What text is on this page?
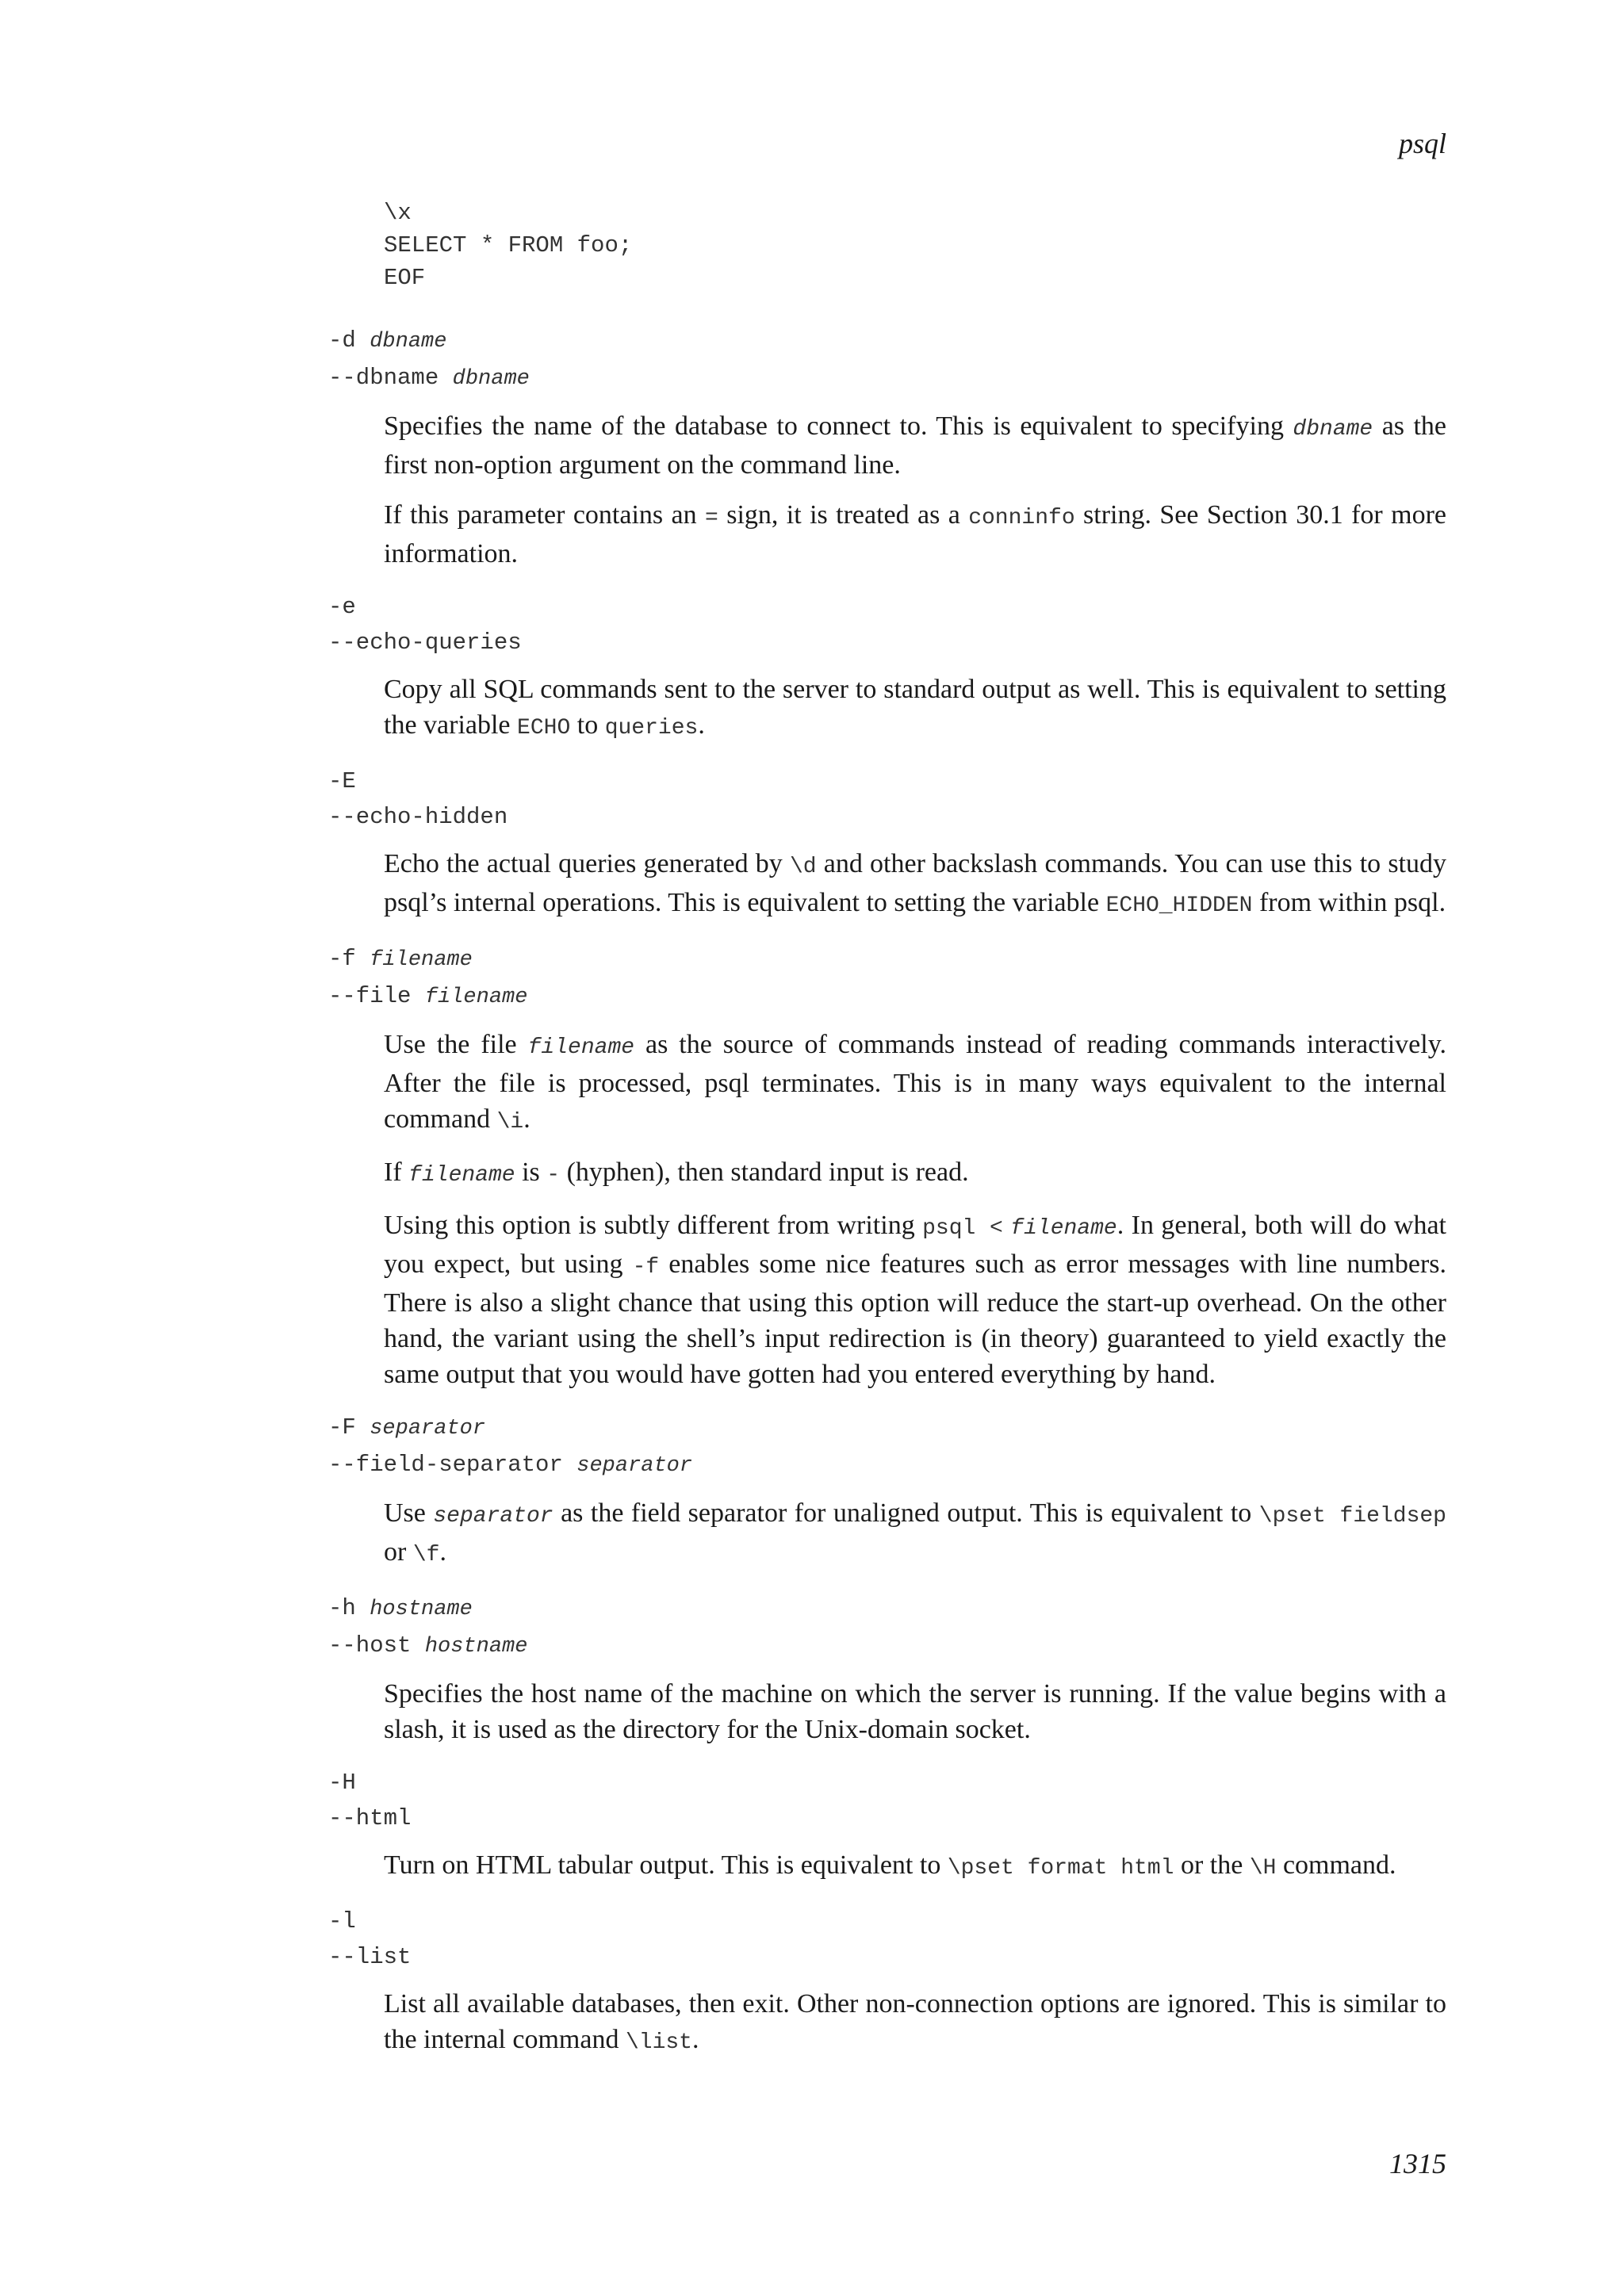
psql
\x
SELECT * FROM foo;
EOF
-d dbname
--dbname dbname

Specifies the name of the database to connect to. This is equivalent to specifying dbname as the first non-option argument on the command line.

If this parameter contains an = sign, it is treated as a conninfo string. See Section 30.1 for more information.

-e
--echo-queries

Copy all SQL commands sent to the server to standard output as well. This is equivalent to setting the variable ECHO to queries.

-E
--echo-hidden

Echo the actual queries generated by \d and other backslash commands. You can use this to study psql’s internal operations. This is equivalent to setting the variable ECHO_HIDDEN from within psql.

-f filename
--file filename

Use the file filename as the source of commands instead of reading commands interactively. After the file is processed, psql terminates. This is in many ways equivalent to the internal command \i.

If filename is - (hyphen), then standard input is read.

Using this option is subtly different from writing psql < filename. In general, both will do what you expect, but using -f enables some nice features such as error messages with line numbers. There is also a slight chance that using this option will reduce the start-up overhead. On the other hand, the variant using the shell’s input redirection is (in theory) guaranteed to yield exactly the same output that you would have gotten had you entered everything by hand.

-F separator
--field-separator separator

Use separator as the field separator for unaligned output. This is equivalent to \pset fieldsep or \f.

-h hostname
--host hostname

Specifies the host name of the machine on which the server is running. If the value begins with a slash, it is used as the directory for the Unix-domain socket.

-H
--html

Turn on HTML tabular output. This is equivalent to \pset format html or the \H command.

-l
--list

List all available databases, then exit. Other non-connection options are ignored. This is similar to the internal command \list.

1315
